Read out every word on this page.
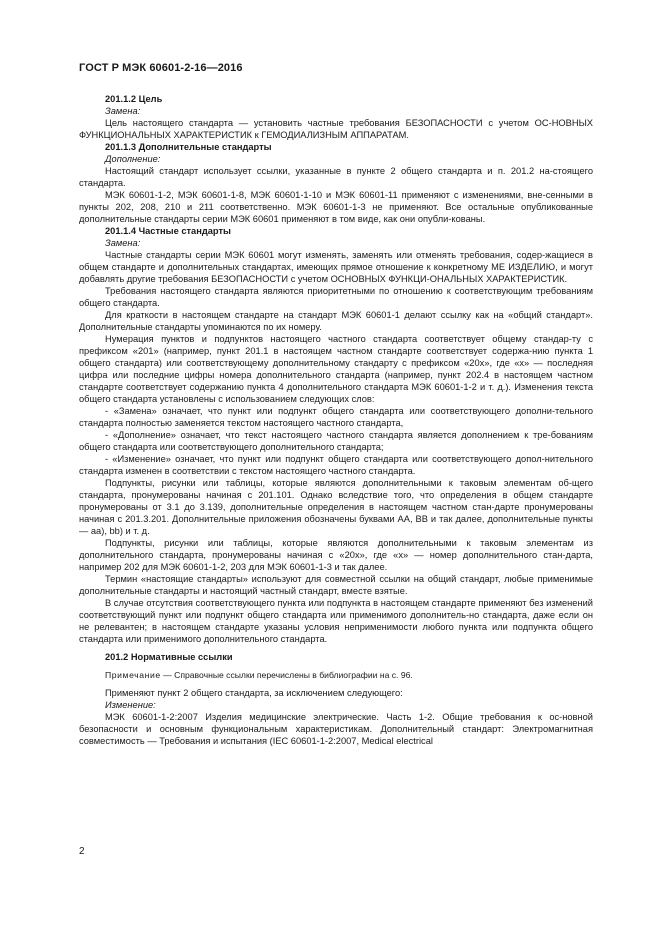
ГОСТ Р МЭК 60601-2-16—2016

201.1.2 Цель

Замена:

Цель настоящего стандарта — установить частные требования БЕЗОПАСНОСТИ с учетом ОС-НОВНЫХ ФУНКЦИОНАЛЬНЫХ ХАРАКТЕРИСТИК к ГЕМОДИАЛИЗНЫМ АППАРАТАМ.

201.1.3 Дополнительные стандарты

Дополнение:

Настоящий стандарт использует ссылки, указанные в пункте 2 общего стандарта и п. 201.2 на-стоящего стандарта.

МЭК 60601-1-2, МЭК 60601-1-8, МЭК 60601-1-10 и МЭК 60601-11 применяют с изменениями, вне-сенными в пункты 202, 208, 210 и 211 соответственно. МЭК 60601-1-3 не применяют. Все остальные опубликованные дополнительные стандарты серии МЭК 60601 применяют в том виде, как они опубли-кованы.

201.1.4 Частные стандарты

Замена:

Частные стандарты серии МЭК 60601 могут изменять, заменять или отменять требования, содер-жащиеся в общем стандарте и дополнительных стандартах, имеющих прямое отношение к конкретному МЕ ИЗДЕЛИЮ, и могут добавлять другие требования БЕЗОПАСНОСТИ с учетом ОСНОВНЫХ ФУНКЦИ-ОНАЛЬНЫХ ХАРАКТЕРИСТИК.

Требования настоящего стандарта являются приоритетными по отношению к соответствующим требованиям общего стандарта.

Для краткости в настоящем стандарте на стандарт МЭК 60601-1 делают ссылку как на «общий стандарт». Дополнительные стандарты упоминаются по их номеру.

Нумерация пунктов и подпунктов настоящего частного стандарта соответствует общему стандар-ту с префиксом «201» (например, пункт 201.1 в настоящем частном стандарте соответствует содержа-нию пункта 1 общего стандарта) или соответствующему дополнительному стандарту с префиксом «20x», где «x» — последняя цифра или последние цифры номера дополнительного стандарта (например, пункт 202.4 в настоящем частном стандарте соответствует содержанию пункта 4 дополнительного стандарта МЭК 60601-1-2 и т. д.). Изменения текста общего стандарта установлены с использованием следующих слов:

- «Замена» означает, что пункт или подпункт общего стандарта или соответствующего дополни-тельного стандарта полностью заменяется текстом настоящего частного стандарта,

- «Дополнение» означает, что текст настоящего частного стандарта является дополнением к тре-бованиям общего стандарта или соответствующего дополнительного стандарта;

- «Изменение» означает, что пункт или подпункт общего стандарта или соответствующего допол-нительного стандарта изменен в соответствии с текстом настоящего частного стандарта.

Подпункты, рисунки или таблицы, которые являются дополнительными к таковым элементам об-щего стандарта, пронумерованы начиная с 201.101. Однако вследствие того, что определения в общем стандарте пронумерованы от 3.1 до 3.139, дополнительные определения в настоящем частном стан-дарте пронумерованы начиная с 201.3.201. Дополнительные приложения обозначены буквами АА, ВВ и так далее, дополнительные пункты — аа), bb) и т. д.

Подпункты, рисунки или таблицы, которые являются дополнительными к таковым элементам из дополнительного стандарта, пронумерованы начиная с «20x», где «x» — номер дополнительного стан-дарта, например 202 для МЭК 60601-1-2, 203 для МЭК 60601-1-3 и так далее.

Термин «настоящие стандарты» используют для совместной ссылки на общий стандарт, любые применимые дополнительные стандарты и настоящий частный стандарт, вместе взятые.

В случае отсутствия соответствующего пункта или подпункта в настоящем стандарте применяют без изменений соответствующий пункт или подпункт общего стандарта или применимого дополнитель-но стандарта, даже если он не релевантен; в настоящем стандарте указаны условия неприменимости любого пункта или подпункта общего стандарта или применимого дополнительного стандарта.

201.2 Нормативные ссылки

Примечание — Справочные ссылки перечислены в библиографии на с. 96.

Применяют пункт 2 общего стандарта, за исключением следующего:

Изменение:

МЭК 60601-1-2:2007 Изделия медицинские электрические. Часть 1-2. Общие требования к ос-новной безопасности и основным функциональным характеристикам. Дополнительный стандарт: Электромагнитная совместимость — Требования и испытания (IEC 60601-1-2:2007, Medical electrical

2
